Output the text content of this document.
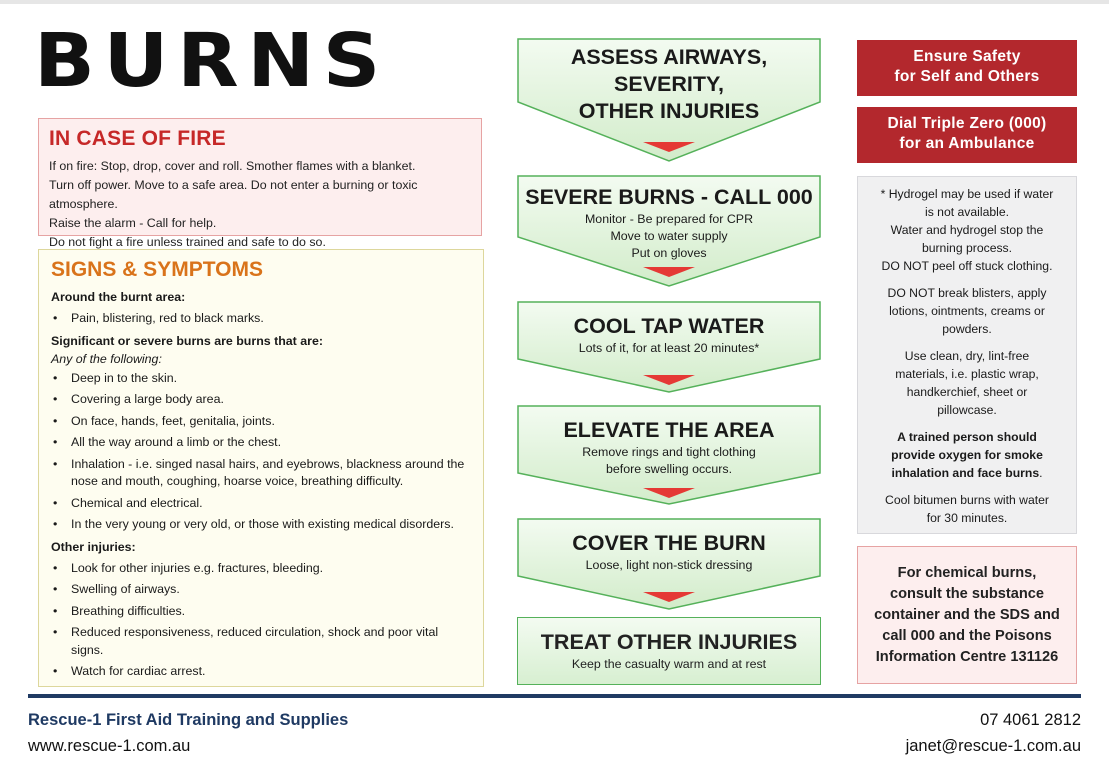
BURNS
IN CASE OF FIRE
If on fire: Stop, drop, cover and roll. Smother flames with a blanket.
Turn off power. Move to a safe area. Do not enter a burning or toxic atmosphere.
Raise the alarm - Call for help.
Do not fight a fire unless trained and safe to do so.
SIGNS & SYMPTOMS
Around the burnt area:
• Pain, blistering, red to black marks.
Significant or severe burns are burns that are:
Any of the following:
• Deep in to the skin.
• Covering a large body area.
• On face, hands, feet, genitalia, joints.
• All the way around a limb or the chest.
• Inhalation - i.e. singed nasal hairs, and eyebrows, blackness around the nose and mouth, coughing, hoarse voice, breathing difficulty.
• Chemical and electrical.
• In the very young or very old, or those with existing medical disorders.
Other injuries:
• Look for other injuries e.g. fractures, bleeding.
• Swelling of airways.
• Breathing difficulties.
• Reduced responsiveness, reduced circulation, shock and poor vital signs.
• Watch for cardiac arrest.
ASSESS AIRWAYS,
SEVERITY,
OTHER INJURIES
SEVERE BURNS - CALL 000
Monitor - Be prepared for CPR
Move to water supply
Put on gloves
COOL TAP WATER
Lots of it, for at least 20 minutes*
ELEVATE THE AREA
Remove rings and tight clothing
before swelling occurs.
COVER THE BURN
Loose, light non-stick dressing
TREAT OTHER INJURIES
Keep the casualty warm and at rest
Ensure Safety
for Self and Others
Dial Triple Zero (000)
for an Ambulance

* Hydrogel may be used if water
is not available.
Water and hydrogel stop the
burning process.
DO NOT peel off stuck clothing.

DO NOT break blisters, apply
lotions, ointments, creams or
powders.

Use clean, dry, lint-free
materials, i.e. plastic wrap,
handkerchief, sheet or
pillowcase.

A trained person should
provide oxygen for smoke
inhalation and face burns.

Cool bitumen burns with water
for 30 minutes.

For chemical burns,
consult the substance
container and the SDS and
call 000 and the Poisons
Information Centre 131126
Rescue-1 First Aid Training and Supplies
www.rescue-1.com.au
07 4061 2812
janet@rescue-1.com.au
